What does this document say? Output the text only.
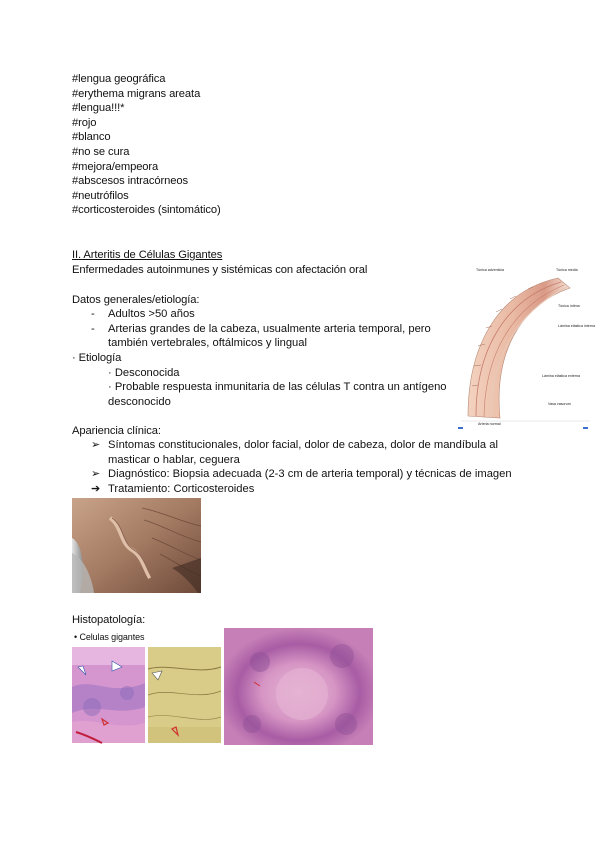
#lengua geográfica
#erythema migrans areata
#lengua!!!*
#rojo
#blanco
#no se cura
#mejora/empeora
#abscesos intracórneos
#neutrófilos
#corticosteroides (sintomático)
II. Arteritis de Células Gigantes
Enfermedades autoinmunes y sistémicas con afectación oral
Datos generales/etiología:
- Adultos >50 años
- Arterias grandes de la cabeza, usualmente arteria temporal, pero
también vertebrales, oftálmicos y lingual
· Etiología
· Desconocida
· Probable respuesta inmunitaria de las células T contra un antígeno
desconocido
Túnica adventicia	Túnica media
Túnica íntima
Lámina elástica interna
Lámina elástica externa
Vasa vasorum
Arteria normal
Apariencia clínica:
➢ Síntomas constitucionales, dolor facial, dolor de cabeza, dolor de mandíbula al
masticar o hablar, ceguera
➢ Diagnóstico: Biopsia adecuada (2-3 cm de arteria temporal) y técnicas de imagen
➔ Tratamiento: Corticosteroides
Histopatología:
• Celulas gigantes
